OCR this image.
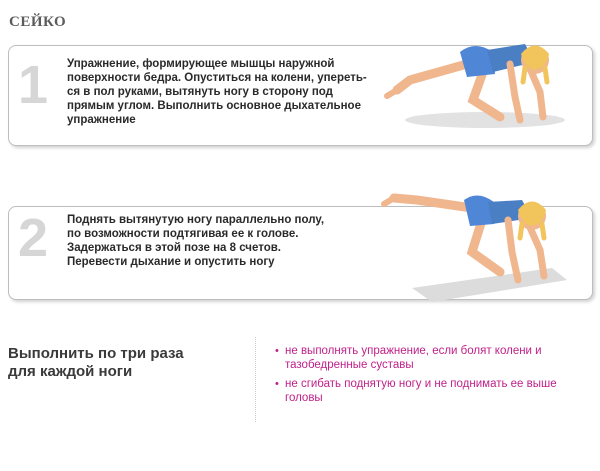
СЕЙКО
1 Упражнение, формирующее мышцы наружной
поверхности бедра. Опуститься на колени, упереть-
ся в пол руками, вытянуть ногу в сторону под
прямым углом. Выполнить основное дыхательное
упражнение
2 Поднять вытянутую ногу параллельно полу,
по возможности подтягивая ее к голове.
Задержаться в этой позе на 8 счетов.
Перевести дыхание и опустить ногу
Выполнить по три раза
для каждой ноги
• не выполнять упражнение, если болят колени и тазобедренные суставы
• не сгибать поднятую ногу и не поднимать ее выше головы
